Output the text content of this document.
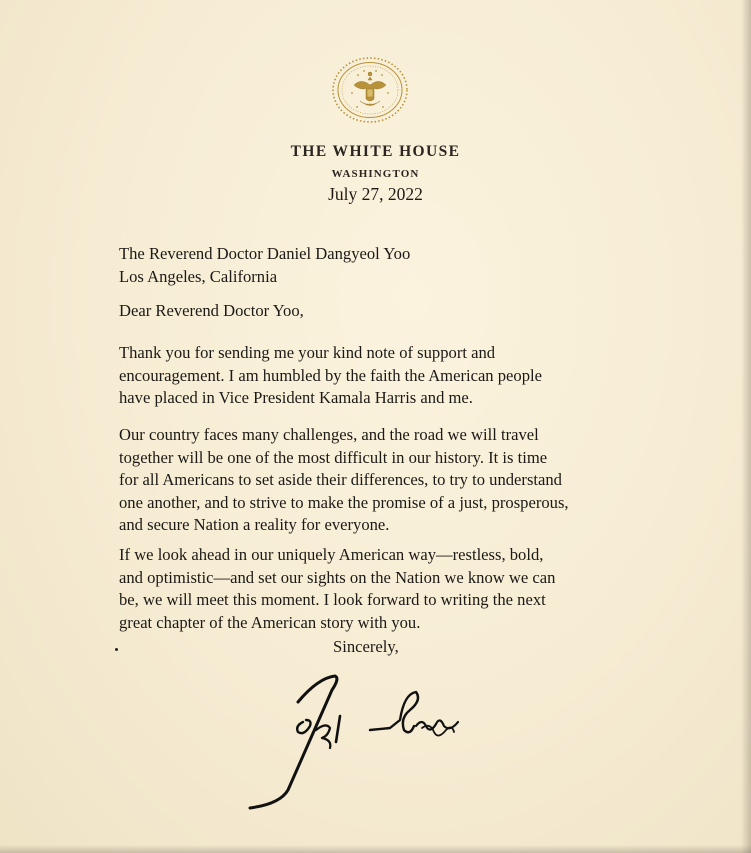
THE WHITE HOUSE

WASHINGTON

July 27, 2022

The Reverend Doctor Daniel Dangyeol Yoo
Los Angeles, California

Dear Reverend Doctor Yoo,

Thank you for sending me your kind note of support and
encouragement. I am humbled by the faith the American people
have placed in Vice President Kamala Harris and me.
Our country faces many challenges, and the road we will travel
together will be one of the most difficult in our history. It is time
for all Americans to set aside their differences, to try to understand
one another, and to strive to make the promise of a just, prosperous,
and secure Nation a reality for everyone.
If we look ahead in our uniquely American way—restless, bold,
and optimistic—and set our sights on the Nation we know we can
be, we will meet this moment. I look forward to writing the next
great chapter of the American story with you.

Sincerely,
